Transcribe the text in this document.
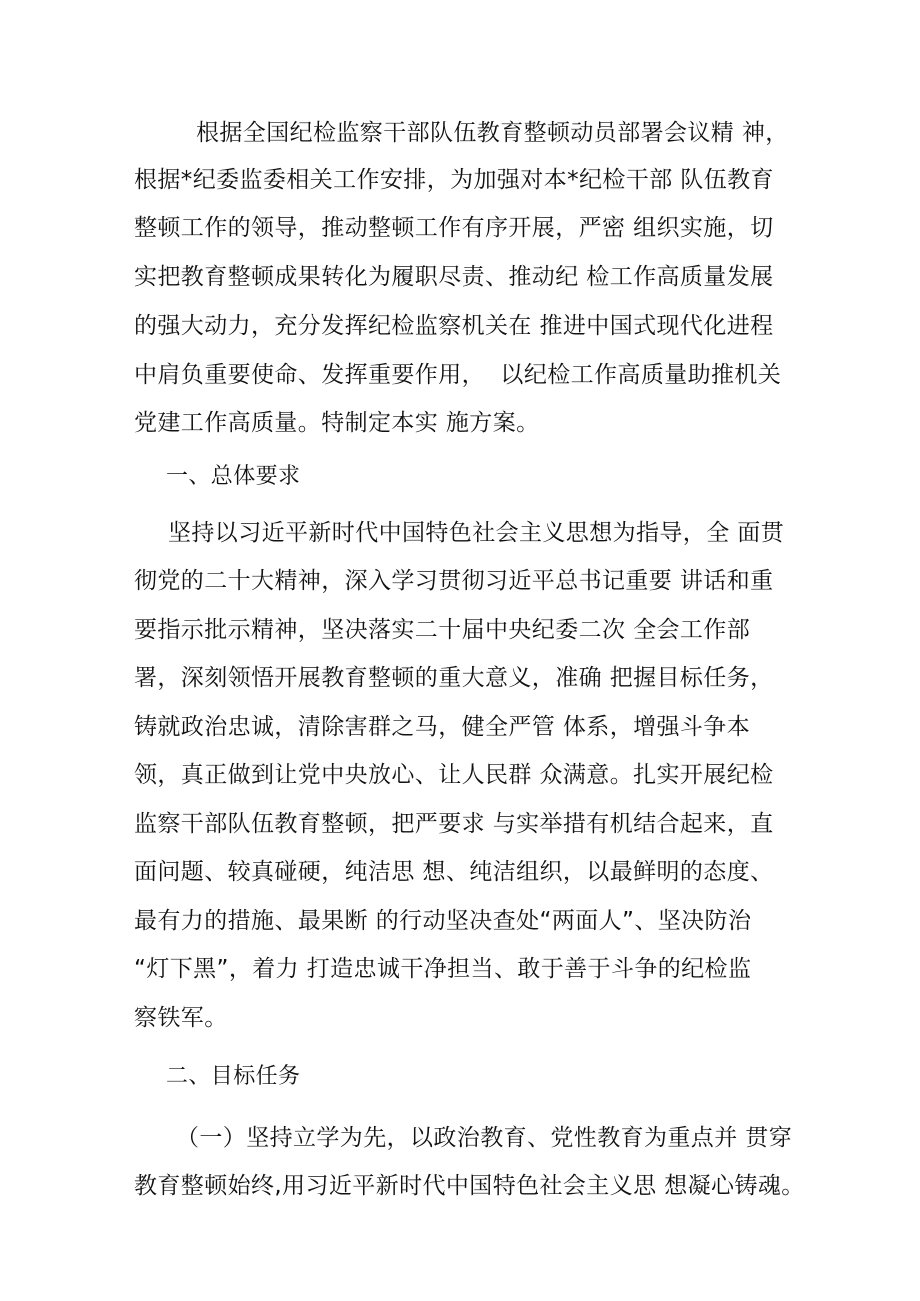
根据全国纪检监察干部队伍教育整顿动员部署会议精 神，
根据*纪委监委相关工作安排，为加强对本*纪检干部 队伍教育
整顿工作的领导，推动整顿工作有序开展，严密 组织实施，切
实把教育整顿成果转化为履职尽责、推动纪 检工作高质量发展
的强大动力，充分发挥纪检监察机关在 推进中国式现代化进程
中肩负重要使命、发挥重要作用，  以纪检工作高质量助推机关
党建工作高质量。特制定本实 施方案。
一、总体要求
坚持以习近平新时代中国特色社会主义思想为指导，全 面贯
彻党的二十大精神，深入学习贯彻习近平总书记重要 讲话和重
要指示批示精神，坚决落实二十届中央纪委二次 全会工作部
署，深刻领悟开展教育整顿的重大意义，准确 把握目标任务，
铸就政治忠诚，清除害群之马，健全严管 体系，增强斗争本
领，真正做到让党中央放心、让人民群 众满意。扎实开展纪检
监察干部队伍教育整顿，把严要求 与实举措有机结合起来，直
面问题、较真碰硬，纯洁思 想、纯洁组织，以最鲜明的态度、
最有力的措施、最果断 的行动坚决查处“两面人”、坚决防治
“灯下黑”，着力 打造忠诚干净担当、敢于善于斗争的纪检监
察铁军。
二、目标任务
（一）坚持立学为先，以政治教育、党性教育为重点并 贯穿
教育整顿始终,用习近平新时代中国特色社会主义思 想凝心铸魂。
